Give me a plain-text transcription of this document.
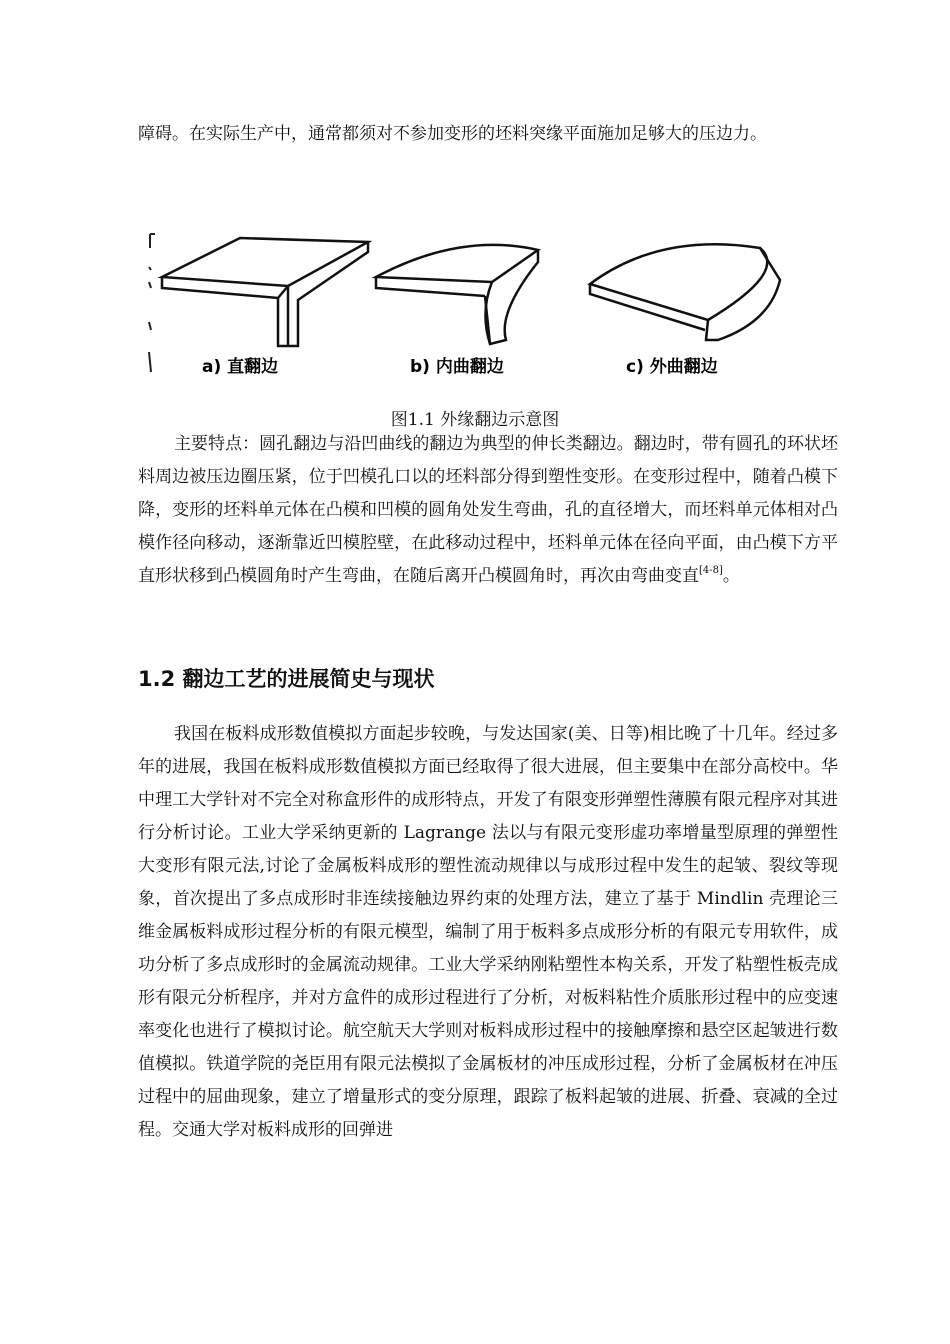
障碍。在实际生产中，通常都须对不参加变形的坯料突缘平面施加足够大的压边力。
a) 直翻边	b) 内曲翻边	c) 外曲翻边
图1.1 外缘翻边示意图
主要特点：圆孔翻边与沿凹曲线的翻边为典型的伸长类翻边。翻边时，带有圆孔的环状坯料周边被压边圈压紧，位于凹模孔口以的坯料部分得到塑性变形。在变形过程中，随着凸模下降，变形的坯料单元体在凸模和凹模的圆角处发生弯曲，孔的直径增大，而坯料单元体相对凸模作径向移动，逐渐靠近凹模腔壁，在此移动过程中，坯料单元体在径向平面，由凸模下方平直形状移到凸模圆角时产生弯曲，在随后离开凸模圆角时，再次由弯曲变直[4-8]。
1.2 翻边工艺的进展简史与现状
我国在板料成形数值模拟方面起步较晚，与发达国家(美、日等)相比晚了十几年。经过多年的进展，我国在板料成形数值模拟方面已经取得了很大进展，但主要集中在部分高校中。华中理工大学针对不完全对称盒形件的成形特点，开发了有限变形弹塑性薄膜有限元程序对其进行分析讨论。工业大学采纳更新的 Lagrange 法以与有限元变形虚功率增量型原理的弹塑性大变形有限元法,讨论了金属板料成形的塑性流动规律以与成形过程中发生的起皱、裂纹等现象，首次提出了多点成形时非连续接触边界约束的处理方法，建立了基于 Mindlin 壳理论三维金属板料成形过程分析的有限元模型，编制了用于板料多点成形分析的有限元专用软件，成功分析了多点成形时的金属流动规律。工业大学采纳刚粘塑性本构关系，开发了粘塑性板壳成形有限元分析程序，并对方盒件的成形过程进行了分析，对板料粘性介质胀形过程中的应变速率变化也进行了模拟讨论。航空航天大学则对板料成形过程中的接触摩擦和悬空区起皱进行数值模拟。铁道学院的尧臣用有限元法模拟了金属板材的冲压成形过程，分析了金属板材在冲压过程中的屈曲现象，建立了增量形式的变分原理，跟踪了板料起皱的进展、折叠、衰减的全过程。交通大学对板料成形的回弹进
